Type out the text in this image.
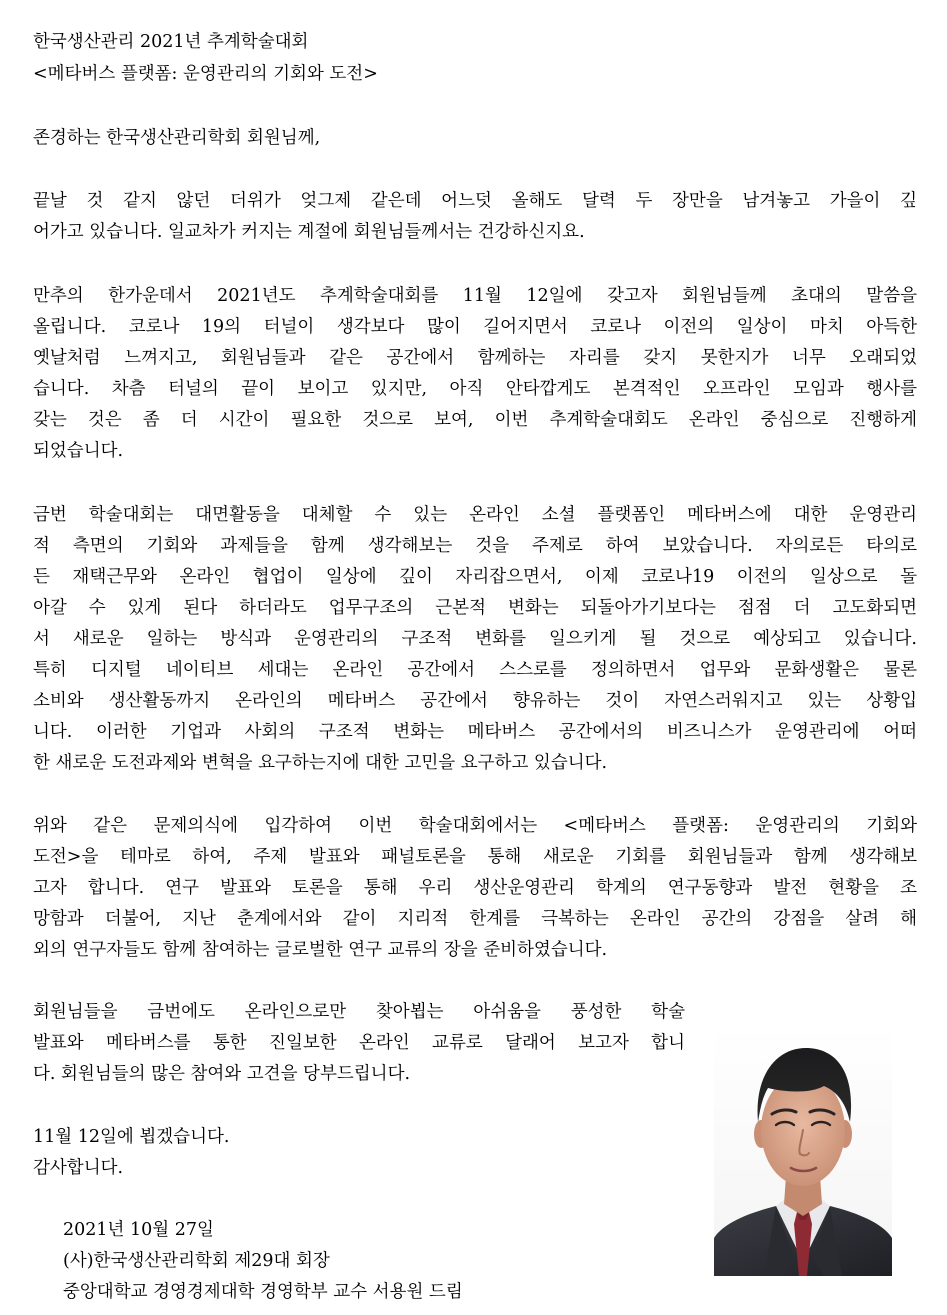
한국생산관리 2021년 추계학술대회
<메타버스 플랫폼: 운영관리의 기회와 도전>
존경하는 한국생산관리학회 회원님께,
끝날 것 같지 않던 더위가 엊그제 같은데 어느덧 올해도 달력 두 장만을 남겨놓고 가을이 깊
어가고 있습니다. 일교차가 커지는 계절에 회원님들께서는 건강하신지요.
만추의 한가운데서 2021년도 추계학술대회를 11월 12일에 갖고자 회원님들께 초대의 말씀을
올립니다. 코로나 19의 터널이 생각보다 많이 길어지면서 코로나 이전의 일상이 마치 아득한
옛날처럼 느껴지고, 회원님들과 같은 공간에서 함께하는 자리를 갖지 못한지가 너무 오래되었
습니다. 차츰 터널의 끝이 보이고 있지만, 아직 안타깝게도 본격적인 오프라인 모임과 행사를
갖는 것은 좀 더 시간이 필요한 것으로 보여, 이번 추계학술대회도 온라인 중심으로 진행하게
되었습니다.
금번 학술대회는 대면활동을 대체할 수 있는 온라인 소셜 플랫폼인 메타버스에 대한 운영관리
적 측면의 기회와 과제들을 함께 생각해보는 것을 주제로 하여 보았습니다. 자의로든 타의로
든 재택근무와 온라인 협업이 일상에 깊이 자리잡으면서, 이제 코로나19 이전의 일상으로 돌
아갈 수 있게 된다 하더라도 업무구조의 근본적 변화는 되돌아가기보다는 점점 더 고도화되면
서 새로운 일하는 방식과 운영관리의 구조적 변화를 일으키게 될 것으로 예상되고 있습니다.
특히 디지털 네이티브 세대는 온라인 공간에서 스스로를 정의하면서 업무와 문화생활은 물론
소비와 생산활동까지 온라인의 메타버스 공간에서 향유하는 것이 자연스러워지고 있는 상황입
니다. 이러한 기업과 사회의 구조적 변화는 메타버스 공간에서의 비즈니스가 운영관리에 어떠
한 새로운 도전과제와 변혁을 요구하는지에 대한 고민을 요구하고 있습니다.
위와 같은 문제의식에 입각하여 이번 학술대회에서는 <메타버스 플랫폼: 운영관리의 기회와
도전>을 테마로 하여, 주제 발표와 패널토론을 통해 새로운 기회를 회원님들과 함께 생각해보
고자 합니다. 연구 발표와 토론을 통해 우리 생산운영관리 학계의 연구동향과 발전 현황을 조
망함과 더불어, 지난 춘계에서와 같이 지리적 한계를 극복하는 온라인 공간의 강점을 살려 해
외의 연구자들도 함께 참여하는 글로벌한 연구 교류의 장을 준비하였습니다.
회원님들을 금번에도 온라인으로만 찾아뵙는 아쉬움을 풍성한 학술
발표와 메타버스를 통한 진일보한 온라인 교류로 달래어 보고자 합니
다. 회원님들의 많은 참여와 고견을 당부드립니다.
11월 12일에 뵙겠습니다.
감사합니다.
2021년 10월 27일
(사)한국생산관리학회 제29대 회장
중앙대학교 경영경제대학 경영학부 교수 서용원 드림
